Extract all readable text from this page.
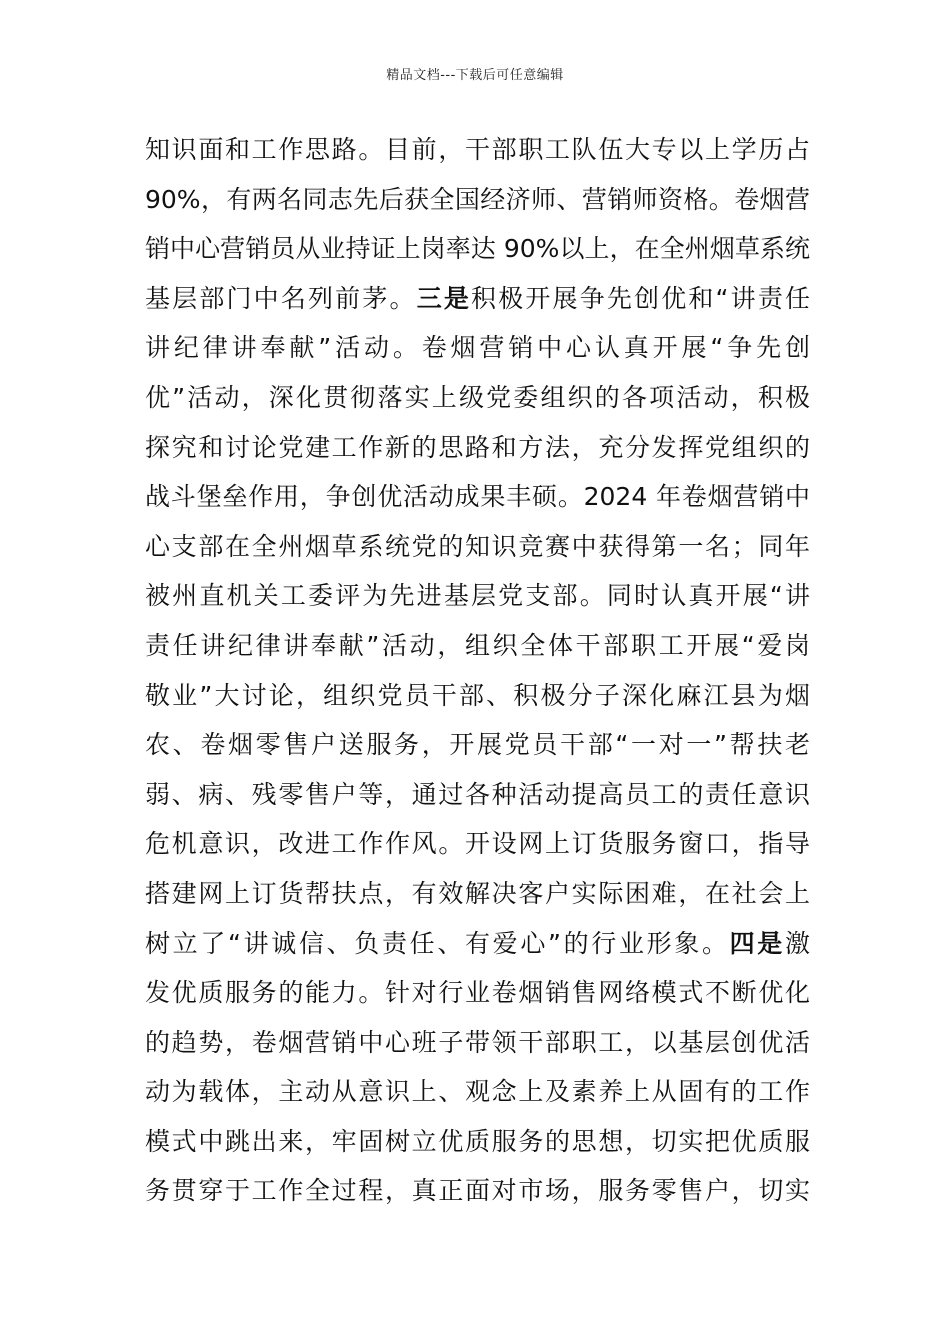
精品文档---下载后可任意编辑
知识面和工作思路。目前，干部职工队伍大专以上学历占
90%，有两名同志先后获全国经济师、营销师资格。卷烟营
销中心营销员从业持证上岗率达 90%以上，在全州烟草系统
基层部门中名列前茅。三是积极开展争先创优和“讲责任
讲纪律讲奉献”活动。卷烟营销中心认真开展“争先创
优”活动，深化贯彻落实上级党委组织的各项活动，积极
探究和讨论党建工作新的思路和方法，充分发挥党组织的
战斗堡垒作用，争创优活动成果丰硕。2024 年卷烟营销中
心支部在全州烟草系统党的知识竞赛中获得第一名；同年
被州直机关工委评为先进基层党支部。同时认真开展“讲
责任讲纪律讲奉献”活动，组织全体干部职工开展“爱岗
敬业”大讨论，组织党员干部、积极分子深化麻江县为烟
农、卷烟零售户送服务，开展党员干部“一对一”帮扶老
弱、病、残零售户等，通过各种活动提高员工的责任意识
危机意识，改进工作作风。开设网上订货服务窗口，指导
搭建网上订货帮扶点，有效解决客户实际困难，在社会上
树立了“讲诚信、负责任、有爱心”的行业形象。四是激
发优质服务的能力。针对行业卷烟销售网络模式不断优化
的趋势，卷烟营销中心班子带领干部职工，以基层创优活
动为载体，主动从意识上、观念上及素养上从固有的工作
模式中跳出来，牢固树立优质服务的思想，切实把优质服
务贯穿于工作全过程，真正面对市场，服务零售户，切实
